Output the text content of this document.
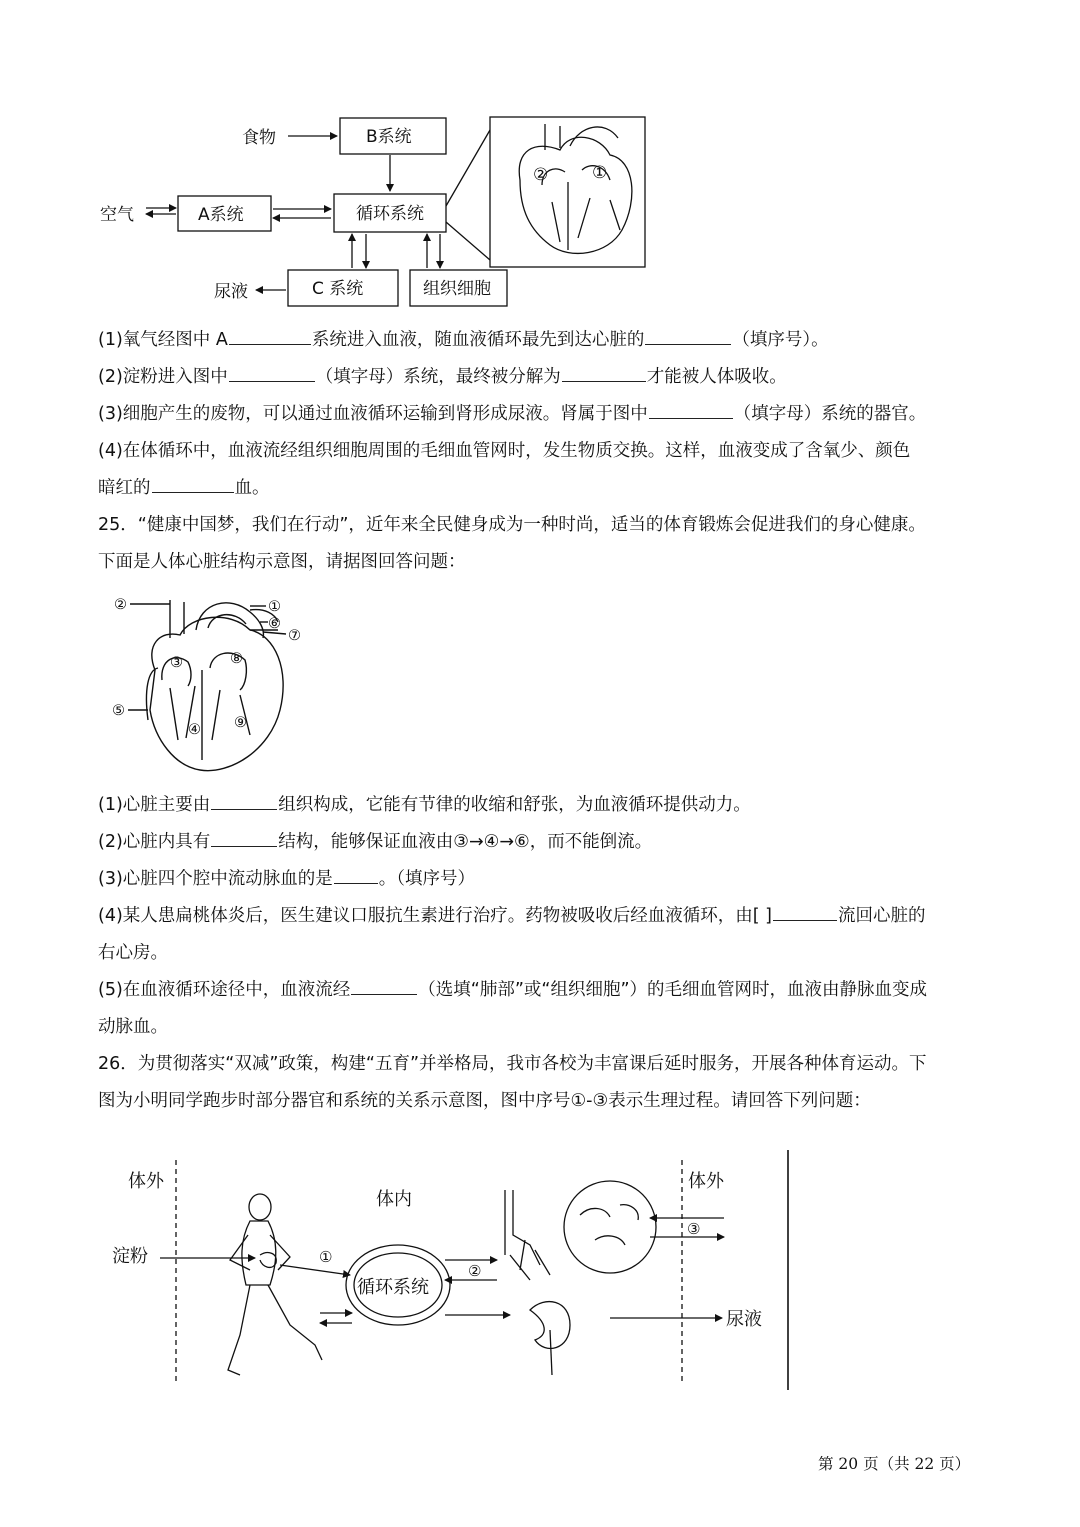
食物	B系统
空气	A系统	循环系统
尿液	C 系统	组织细胞
②	①
(1)氧气经图中 A	系统进入血液，随血液循环最先到达心脏的	（填序号）。
(2)淀粉进入图中	（填字母）系统，最终被分解为	才能被人体吸收。
(3)细胞产生的废物，可以通过血液循环运输到肾形成尿液。肾属于图中	（填字母）系统的器官。
(4)在体循环中，血液流经组织细胞周围的毛细血管网时，发生物质交换。这样，血液变成了含氧少、颜色
暗红的	血。
25．“健康中国梦，我们在行动”，近年来全民健身成为一种时尚，适当的体育锻炼会促进我们的身心健康。
下面是人体心脏结构示意图，请据图回答问题：
②	①
⑥
⑦
③	⑧
⑤
④ ⑨
(1)心脏主要由	组织构成，它能有节律的收缩和舒张，为血液循环提供动力。
(2)心脏内具有	结构，能够保证血液由③→④→⑥，而不能倒流。
(3)心脏四个腔中流动脉血的是	。（填序号）
(4)某人患扁桃体炎后，医生建议口服抗生素进行治疗。药物被吸收后经血液循环，由[ ]	流回心脏的
右心房。
(5)在血液循环途径中，血液流经	（选填“肺部”或“组织细胞”）的毛细血管网时，血液由静脉血变成
动脉血。
26．为贯彻落实“双减”政策，构建“五育”并举格局，我市各校为丰富课后延时服务，开展各种体育运动。下
图为小明同学跑步时部分器官和系统的关系示意图，图中序号①-③表示生理过程。请回答下列问题：
体外
体内
体外
淀粉
循环系统
尿液
①
②
③
第 20 页（共 22 页）
